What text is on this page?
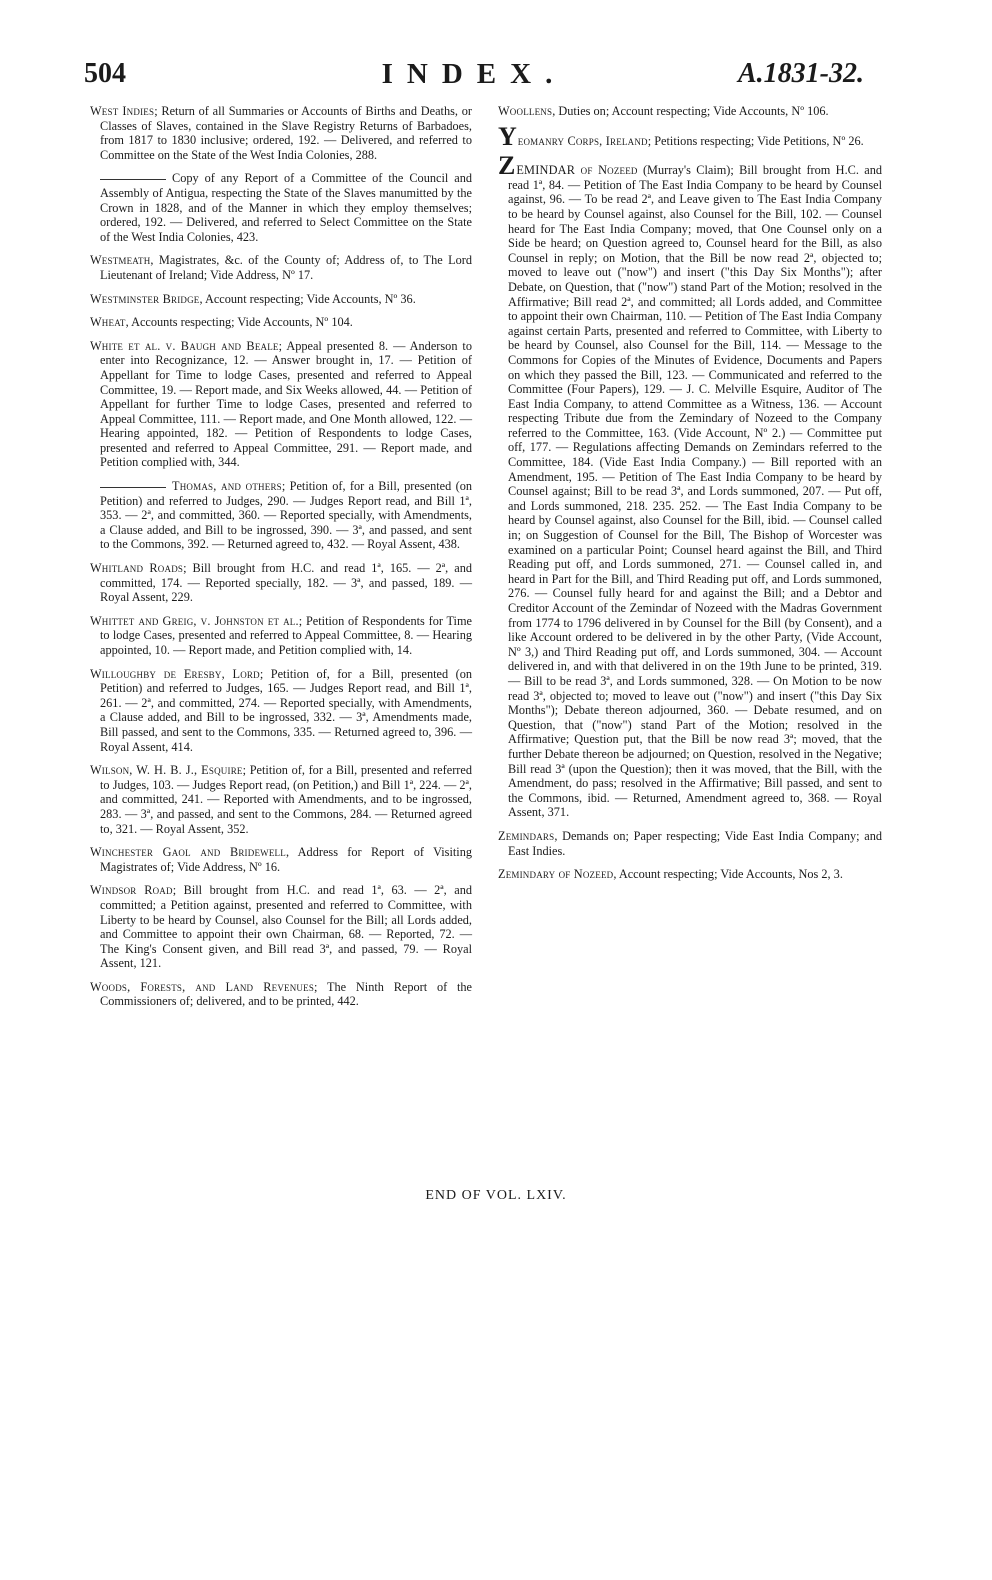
504	INDEX.	A.1831-32.

West Indies; Return of all Summaries or Accounts of Births and Deaths, or Classes of Slaves, contained in the Slave Registry Returns of Barbadoes, from 1817 to 1830 inclusive; ordered, 192. — Delivered, and referred to Committee on the State of the West India Colonies, 288.

Copy of any Report of a Committee of the Council and Assembly of Antigua, respecting the State of the Slaves manumitted by the Crown in 1828, and of the Manner in which they employ themselves; ordered, 192. — Delivered, and referred to Select Committee on the State of the West India Colonies, 423.

Westmeath, Magistrates, &c. of the County of; Address of, to The Lord Lieutenant of Ireland; Vide Address, Nº 17.

Westminster Bridge, Account respecting; Vide Accounts, Nº 36.

Wheat, Accounts respecting; Vide Accounts, Nº 104.

White et al. v. Baugh and Beale; Appeal presented 8. — Anderson to enter into Recognizance, 12. — Answer brought in, 17. — Petition of Appellant for Time to lodge Cases, presented and referred to Appeal Committee, 19. — Report made, and Six Weeks allowed, 44. — Petition of Appellant for further Time to lodge Cases, presented and referred to Appeal Committee, 111. — Report made, and One Month allowed, 122. — Hearing appointed, 182. — Petition of Respondents to lodge Cases, presented and referred to Appeal Committee, 291. — Report made, and Petition complied with, 344.

Thomas, and others; Petition of, for a Bill, presented (on Petition) and referred to Judges, 290. — Judges Report read, and Bill 1ª, 353. — 2ª, and committed, 360. — Reported specially, with Amendments, a Clause added, and Bill to be ingrossed, 390. — 3ª, and passed, and sent to the Commons, 392. — Returned agreed to, 432. — Royal Assent, 438.

Whitland Roads; Bill brought from H.C. and read 1ª, 165. — 2ª, and committed, 174. — Reported specially, 182. — 3ª, and passed, 189. — Royal Assent, 229.

Whittet and Greig, v. Johnston et al.; Petition of Respondents for Time to lodge Cases, presented and referred to Appeal Committee, 8. — Hearing appointed, 10. — Report made, and Petition complied with, 14.

Willoughby de Eresby, Lord; Petition of, for a Bill, presented (on Petition) and referred to Judges, 165. — Judges Report read, and Bill 1ª, 261. — 2ª, and committed, 274. — Reported specially, with Amendments, a Clause added, and Bill to be ingrossed, 332. — 3ª, Amendments made, Bill passed, and sent to the Commons, 335. — Returned agreed to, 396. — Royal Assent, 414.

Wilson, W. H. B. J., Esquire; Petition of, for a Bill, presented and referred to Judges, 103. — Judges Report read, (on Petition,) and Bill 1ª, 224. — 2ª, and committed, 241. — Reported with Amendments, and to be ingrossed, 283. — 3ª, and passed, and sent to the Commons, 284. — Returned agreed to, 321. — Royal Assent, 352.

Winchester Gaol and Bridewell, Address for Report of Visiting Magistrates of; Vide Address, Nº 16.

Windsor Road; Bill brought from H.C. and read 1ª, 63. — 2ª, and committed; a Petition against, presented and referred to Committee, with Liberty to be heard by Counsel, also Counsel for the Bill; all Lords added, and Committee to appoint their own Chairman, 68. — Reported, 72. — The King's Consent given, and Bill read 3ª, and passed, 79. — Royal Assent, 121.

Woods, Forests, and Land Revenues; The Ninth Report of the Commissioners of; delivered, and to be printed, 442.

Woollens, Duties on; Account respecting; Vide Accounts, Nº 106.

Yeomanry Corps, Ireland; Petitions respecting; Vide Petitions, Nº 26.

ZEMINDAR of Nozeed (Murray's Claim); Bill brought from H.C. and read 1ª, 84. — Petition of The East India Company to be heard by Counsel against, 96. — To be read 2ª, and Leave given to The East India Company to be heard by Counsel against, also Counsel for the Bill, 102. — Counsel heard for The East India Company; moved, that One Counsel only on a Side be heard; on Question agreed to, Counsel heard for the Bill, as also Counsel in reply; on Motion, that the Bill be now read 2ª, objected to; moved to leave out ("now") and insert ("this Day Six Months"); after Debate, on Question, that ("now") stand Part of the Motion; resolved in the Affirmative; Bill read 2ª, and committed; all Lords added, and Committee to appoint their own Chairman, 110. — Petition of The East India Company against certain Parts, presented and referred to Committee, with Liberty to be heard by Counsel, also Counsel for the Bill, 114. — Message to the Commons for Copies of the Minutes of Evidence, Documents and Papers on which they passed the Bill, 123. — Communicated and referred to the Committee (Four Papers), 129. — J. C. Melville Esquire, Auditor of The East India Company, to attend Committee as a Witness, 136. — Account respecting Tribute due from the Zemindary of Nozeed to the Company referred to the Committee, 163. (Vide Account, Nº 2.) — Committee put off, 177. — Regulations affecting Demands on Zemindars referred to the Committee, 184. (Vide East India Company.) — Bill reported with an Amendment, 195. — Petition of The East India Company to be heard by Counsel against; Bill to be read 3ª, and Lords summoned, 207. — Put off, and Lords summoned, 218. 235. 252. — The East India Company to be heard by Counsel against, also Counsel for the Bill, ibid. — Counsel called in; on Suggestion of Counsel for the Bill, The Bishop of Worcester was examined on a particular Point; Counsel heard against the Bill, and Third Reading put off, and Lords summoned, 271. — Counsel called in, and heard in Part for the Bill, and Third Reading put off, and Lords summoned, 276. — Counsel fully heard for and against the Bill; and a Debtor and Creditor Account of the Zemindar of Nozeed with the Madras Government from 1774 to 1796 delivered in by Counsel for the Bill (by Consent), and a like Account ordered to be delivered in by the other Party, (Vide Account, Nº 3,) and Third Reading put off, and Lords summoned, 304. — Account delivered in, and with that delivered in on the 19th June to be printed, 319. — Bill to be read 3ª, and Lords summoned, 328. — On Motion to be now read 3ª, objected to; moved to leave out ("now") and insert ("this Day Six Months"); Debate thereon adjourned, 360. — Debate resumed, and on Question, that ("now") stand Part of the Motion; resolved in the Affirmative; Question put, that the Bill be now read 3ª; moved, that the further Debate thereon be adjourned; on Question, resolved in the Negative; Bill read 3ª (upon the Question); then it was moved, that the Bill, with the Amendment, do pass; resolved in the Affirmative; Bill passed, and sent to the Commons, ibid. — Returned, Amendment agreed to, 368. — Royal Assent, 371.

Zemindars, Demands on; Paper respecting; Vide East India Company; and East Indies.

Zemindary of Nozeed, Account respecting; Vide Accounts, Nos 2, 3.

END OF VOL. LXIV.
